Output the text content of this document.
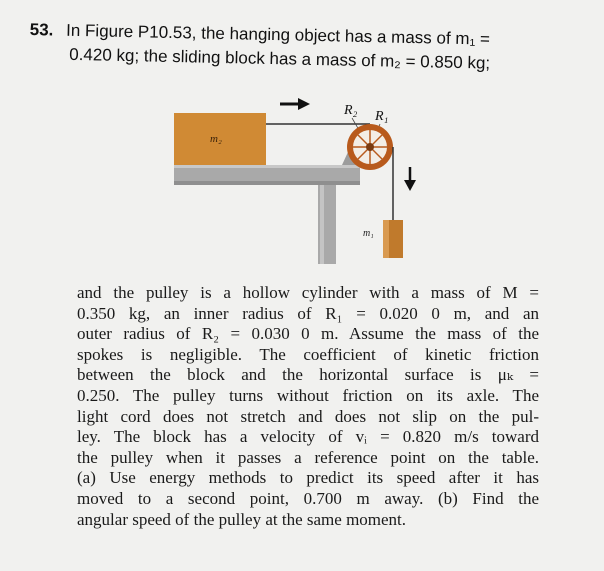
53. In Figure P10.53, the hanging object has a mass of m₁ =
0.420 kg; the sliding block has a mass of m₂ = 0.850 kg;
m₂
R₂ R₁
m₁
and the pulley is a hollow cylinder with a mass of M =
0.350 kg, an inner radius of R₁ = 0.020 0 m, and an
outer radius of R₂ = 0.030 0 m. Assume the mass of the
spokes is negligible. The coefficient of kinetic friction
between the block and the horizontal surface is μₖ =
0.250. The pulley turns without friction on its axle. The
light cord does not stretch and does not slip on the pul-
ley. The block has a velocity of vᵢ = 0.820 m/s toward
the pulley when it passes a reference point on the table.
(a) Use energy methods to predict its speed after it has
moved to a second point, 0.700 m away. (b) Find the
angular speed of the pulley at the same moment.
